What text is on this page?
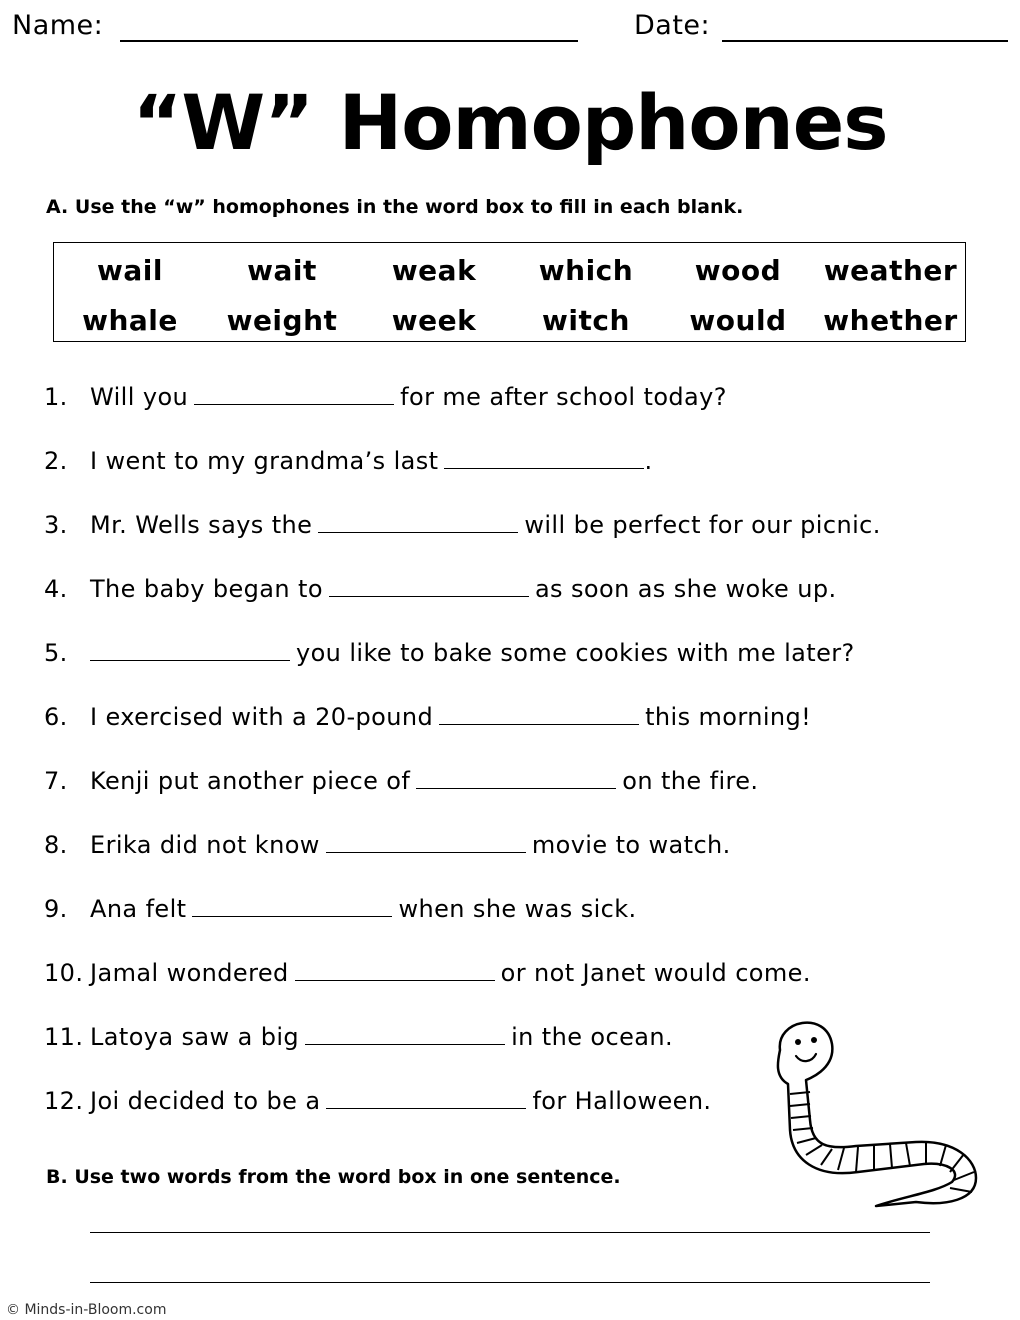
Name:	Date:
“W” Homophones
A. Use the “w” homophones in the word box to fill in each blank.
wail	wait	weak	which	wood	weather
whale	weight	week	witch	would	whether
1. Will you	for me after school today?
2. I went to my grandma’s last	.
3. Mr. Wells says the	will be perfect for our picnic.
4. The baby began to	as soon as she woke up.
5.	you like to bake some cookies with me later?
6. I exercised with a 20-pound	this morning!
7. Kenji put another piece of	on the fire.
8. Erika did not know	movie to watch.
9. Ana felt	when she was sick.
10. Jamal wondered	or not Janet would come.
11. Latoya saw a big	in the ocean.
12. Joi decided to be a	for Halloween.
B. Use two words from the word box in one sentence.
© Minds-in-Bloom.com
